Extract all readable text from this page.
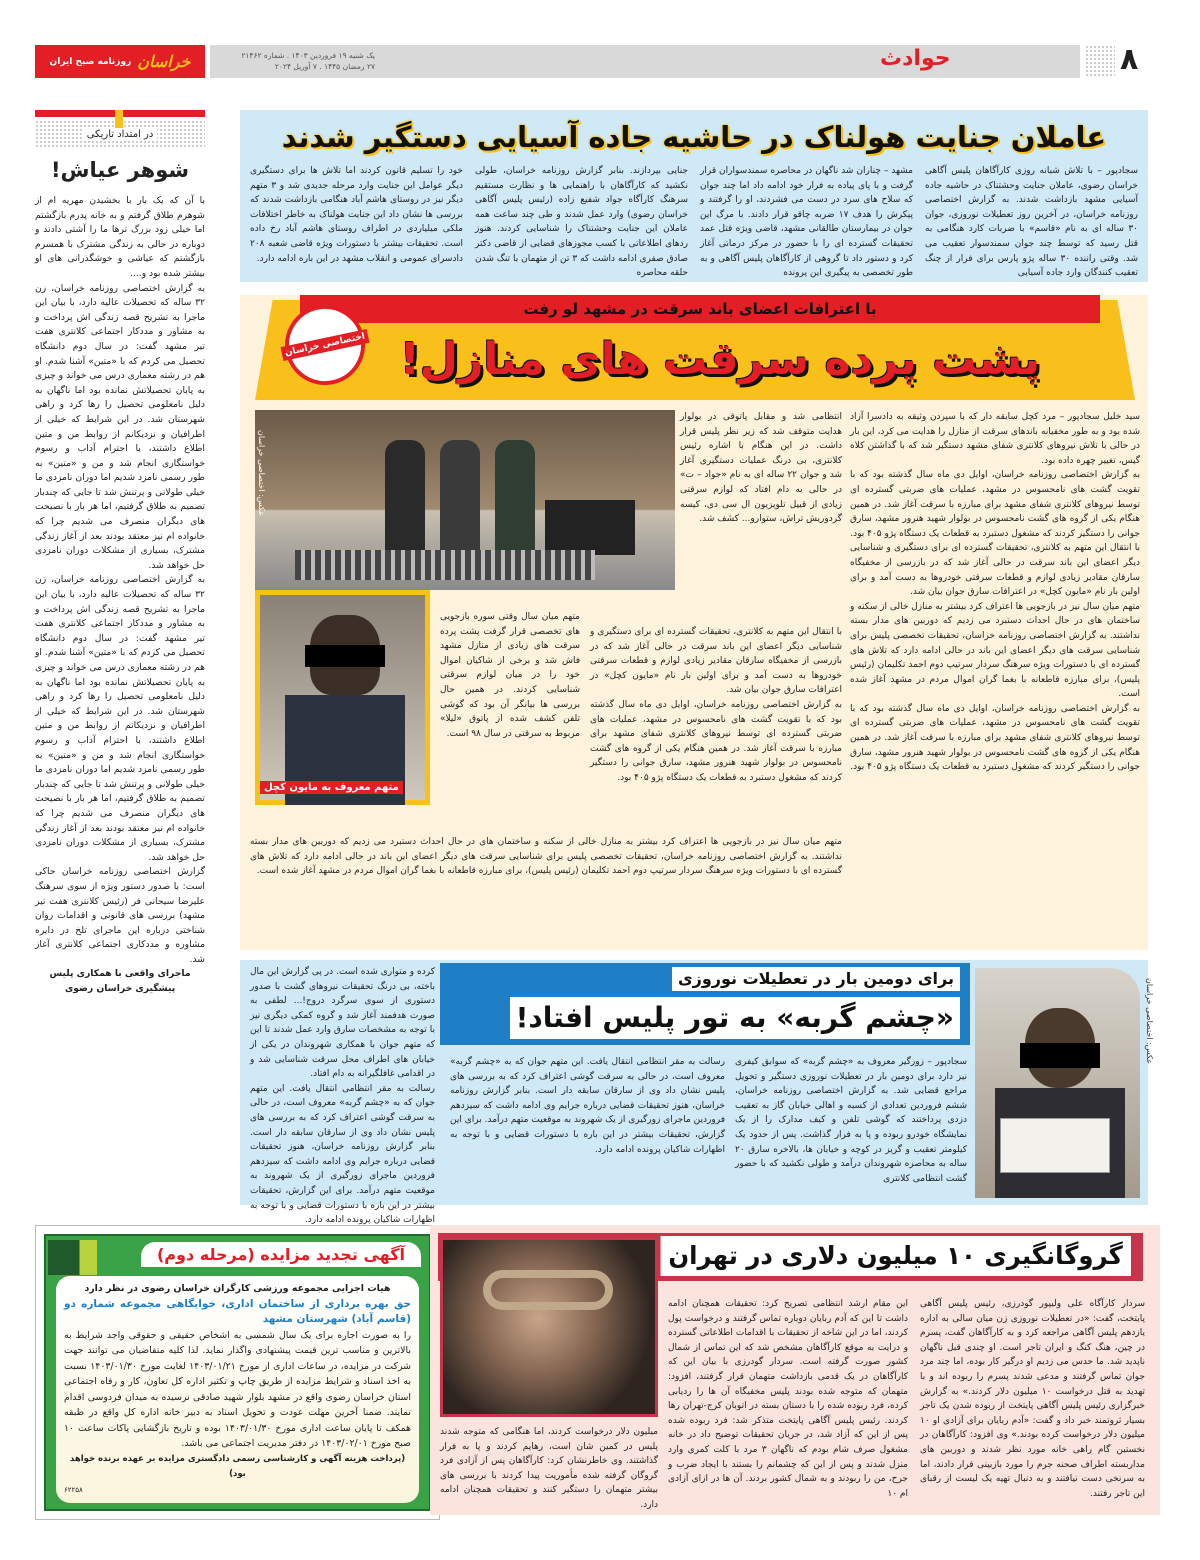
۸
حوادث
یک شنبه ۱۹ فروردین ۱۴۰۳ . شماره ۲۱۴۶۲
۲۷ رمضان ۱۴۴۵ . ۷ آوریل ۲۰۲۴
خراسان
روزنامه صبح ایران
در امتداد تاریکی
شوهر عیاش!

با آن که یک بار با بخشیدن مهریه ام از شوهرم طلاق گرفتم و به خانه پدرم بازگشتم اما خیلی زود بزرگ ترها ما را آشتی دادند و دوباره در حالی به زندگی مشترک با همسرم بازگشتم که عیاشی و خوشگذرانی های او بیشتر شده بود و....

به گزارش اختصاصی روزنامه خراسان، زن ۳۲ ساله که تحصیلات عالیه دارد، با بیان این ماجرا به تشریح قصه زندگی اش پرداخت و به مشاور و مددکار اجتماعی کلانتری هفت تیر مشهد گفت: در سال دوم دانشگاه تحصیل می کردم که با «متین» آشنا شدم. او هم در رشته معماری درس می خواند و چیزی به پایان تحصیلاتش نمانده بود اما ناگهان به دلیل نامعلومی تحصیل را رها کرد و راهی شهرستان شد. در این شرایط که خیلی از اطرافیان و نزدیکانم از روابط من و متین اطلاع داشتند، با احترام آداب و رسوم خواستگاری انجام شد و من و «متین» به طور رسمی نامزد شدیم اما دوران نامزدی ما خیلی طولانی و پرتنش شد تا جایی که چندبار تصمیم به طلاق گرفتیم، اما هر بار با نصیحت های دیگران منصرف می شدیم چرا که خانواده ام نیز معتقد بودند بعد از آغاز زندگی مشترک، بسیاری از مشکلات دوران نامزدی حل خواهد شد.

به گزارش اختصاصی روزنامه خراسان، زن ۳۲ ساله که تحصیلات عالیه دارد، با بیان این ماجرا به تشریح قصه زندگی اش پرداخت و به مشاور و مددکار اجتماعی کلانتری هفت تیر مشهد گفت: در سال دوم دانشگاه تحصیل می کردم که با «متین» آشنا شدم. او هم در رشته معماری درس می خواند و چیزی به پایان تحصیلاتش نمانده بود اما ناگهان به دلیل نامعلومی تحصیل را رها کرد و راهی شهرستان شد. در این شرایط که خیلی از اطرافیان و نزدیکانم از روابط من و متین اطلاع داشتند، با احترام آداب و رسوم خواستگاری انجام شد و من و «متین» به طور رسمی نامزد شدیم اما دوران نامزدی ما خیلی طولانی و پرتنش شد تا جایی که چندبار تصمیم به طلاق گرفتیم، اما هر بار با نصیحت های دیگران منصرف می شدیم چرا که خانواده ام نیز معتقد بودند بعد از آغاز زندگی مشترک، بسیاری از مشکلات دوران نامزدی حل خواهد شد.

گزارش اختصاصی روزنامه خراسان حاکی است: با صدور دستور ویژه از سوی سرهنگ علیرضا سیحانی فر (رئیس کلانتری هفت تیر مشهد) بررسی های قانونی و اقدامات روان شناختی درباره این ماجرای تلخ در دایره مشاوره و مددکاری اجتماعی کلانتری آغاز شد.

ماجرای واقعی با همکاری پلیس پیشگیری خراسان رضوی

عاملان جنایت هولناک در حاشیه جاده آسیایی دستگیر شدند
سجادپور – با تلاش شبانه روزی کارآگاهان پلیس آگاهی خراسان رضوی، عاملان جنایت وحشتناک در حاشیه جاده آسیایی مشهد بازداشت شدند. به گزارش اختصاصی روزنامه خراسان، در آخرین روز تعطیلات نوروزی، جوان ۳۰ ساله ای به نام «قاسم» با ضربات کارد هنگامی به قتل رسید که توسط چند جوان سمندسوار تعقیب می شد. وقتی راننده ۳۰ ساله پژو پارس برای فرار از چنگ تعقیب کنندگان وارد جاده آسیایی
مشهد – چناران شد ناگهان در محاصره سمندسواران قرار گرفت و با پای پیاده به فرار خود ادامه داد اما چند جوان که سلاح های سرد در دست می فشردند، او را گرفتند و پیکرش را هدف ۱۷ ضربه چاقو قرار دادند. با مرگ این جوان در بیمارستان طالقانی مشهد، قاضی ویژه قتل عمد تحقیقات گسترده ای را با حضور در مرکز درمانی آغاز کرد و دستور داد تا گروهی از کارآگاهان پلیس آگاهی و به طور تخصصی به پیگیری این پرونده
جنایی بپردازند. بنابر گزارش روزنامه خراسان، طولی نکشید که کارآگاهان با راهنمایی ها و نظارت مستقیم سرهنگ کارآگاه جواد شفیع زاده (رئیس پلیس آگاهی خراسان رضوی) وارد عمل شدند و طی چند ساعت همه عاملان این جنایت وحشتناک را شناسایی کردند. هنوز ردهای اطلاعاتی با کسب مجوزهای قضایی از قاضی دکتر صادق صفری ادامه داشت که ۳ تن از متهمان با تنگ شدن حلقه محاصره
خود را تسلیم قانون کردند اما تلاش ها برای دستگیری دیگر عوامل این جنایت وارد مرحله جدیدی شد و ۳ متهم دیگر نیز در روستای هاشم آباد هنگامی بازداشت شدند که بررسی ها نشان داد این جنایت هولناک به خاطر اختلافات ملکی میلیاردی در اطراف روستای هاشم آباد رخ داده است. تحقیقات بیشتر با دستورات ویژه قاضی شعبه ۲۰۸ دادسرای عمومی و انقلاب مشهد در این باره ادامه دارد.
با اعترافات اعضای باند سرقت در مشهد لو رفت
پشت پرده سرقت های منازل!
اختصاصی خراسان

سید خلیل سجادپور – مرد کچل سابقه دار که با سپردن وثیقه به دادسرا آزاد شده بود و به طور مخفیانه باندهای سرقت از منازل را هدایت می کرد، این بار در حالی با تلاش نیروهای کلانتری شفای مشهد دستگیر شد که با گذاشتن کلاه گیس، تغییر چهره داده بود.

به گزارش اختصاصی روزنامه خراسان، اوایل دی ماه سال گذشته بود که با تقویت گشت های نامحسوس در مشهد، عملیات های ضربتی گسترده ای توسط نیروهای کلانتری شفای مشهد برای مبارزه با سرقت آغاز شد. در همین هنگام یکی از گروه های گشت نامحسوس در بولوار شهید هنرور مشهد، سارق جوانی را دستگیر کردند که مشغول دستبرد به قطعات یک دستگاه پژو ۴۰۵ بود.

با انتقال این متهم به کلانتری، تحقیقات گسترده ای برای دستگیری و شناسایی دیگر اعضای این باند سرقت در حالی آغاز شد که در بازرسی از مخفیگاه سارقان مقادیر زیادی لوازم و قطعات سرقتی خودروها به دست آمد و برای اولین بار نام «مایون کچل» در اعترافات سارق جوان بیان شد.

متهم میان سال نیز در بازجویی ها اعتراف کرد بیشتر به منازل خالی از سکنه و ساختمان های در حال احداث دستبرد می زدیم که دوربین های مدار بسته نداشتند. به گزارش اختصاصی روزنامه خراسان، تحقیقات تخصصی پلیس برای شناسایی سرقت های دیگر اعضای این باند در حالی ادامه دارد که تلاش های گسترده ای با دستورات ویژه سرهنگ سردار سرتیپ دوم احمد تکلیمان (رئیس پلیس)، برای مبارزه قاطعانه با بغما گران اموال مردم در مشهد آغاز شده است.

به گزارش اختصاصی روزنامه خراسان، اوایل دی ماه سال گذشته بود که با تقویت گشت های نامحسوس در مشهد، عملیات های ضربتی گسترده ای توسط نیروهای کلانتری شفای مشهد برای مبارزه با سرقت آغاز شد. در همین هنگام یکی از گروه های گشت نامحسوس در بولوار شهید هنرور مشهد، سارق جوانی را دستگیر کردند که مشغول دستبرد به قطعات یک دستگاه پژو ۴۰۵ بود.

انتظامی شد و مقابل پاتوقی در بولوار هدایت متوقف شد که زیر نظر پلیس قرار داشت. در این هنگام با اشاره رئیس کلانتری، بی درنگ عملیات دستگیری آغاز شد و جوان ۲۲ ساله ای به نام «جواد – ت» در حالی به دام افتاد که لوازم سرقتی زیادی از قبیل تلویزیون ال سی دی، کیسه گردوریش تراش، ستوارو... کشف شد.
عکس: اختصاصی خراسان
متهم معروف به مایون کچل

با انتقال این متهم به کلانتری، تحقیقات گسترده ای برای دستگیری و شناسایی دیگر اعضای این باند سرقت در حالی آغاز شد که در بازرسی از مخفیگاه سارقان مقادیر زیادی لوازم و قطعات سرقتی خودروها به دست آمد و برای اولین بار نام «مایون کچل» در اعترافات سارق جوان بیان شد.

به گزارش اختصاصی روزنامه خراسان، اوایل دی ماه سال گذشته بود که با تقویت گشت های نامحسوس در مشهد، عملیات های ضربتی گسترده ای توسط نیروهای کلانتری شفای مشهد برای مبارزه با سرقت آغاز شد. در همین هنگام یکی از گروه های گشت نامحسوس در بولوار شهید هنرور مشهد، سارق جوانی را دستگیر کردند که مشغول دستبرد به قطعات یک دستگاه پژو ۴۰۵ بود.

متهم میان سال وقتی سوره بازجویی های تخصصی قرار گرفت پشت پرده سرقت های زیادی از منازل مشهد فاش شد و برخی از شاکیان اموال خود را در میان لوازم سرقتی شناسایی کردند. در همین حال بررسی ها بیانگر آن بود که گوشی تلفن کشف شده از پاتوق «لیلا» مربوط به سرقتی در سال ۹۸ است.
متهم میان سال نیز در بازجویی ها اعتراف کرد بیشتر به منازل خالی از سکنه و ساختمان های در حال احداث دستبرد می زدیم که دوربین های مدار بسته نداشتند. به گزارش اختصاصی روزنامه خراسان، تحقیقات تخصصی پلیس برای شناسایی سرقت های دیگر اعضای این باند در حالی ادامه دارد که تلاش های گسترده ای با دستورات ویژه سرهنگ سردار سرتیپ دوم احمد تکلیمان (رئیس پلیس)، برای مبارزه قاطعانه با بغما گران اموال مردم در مشهد آغاز شده است.
عکس: اختصاصی خراسان
برای دومین بار در تعطیلات نوروزی
«چشم گربه» به تور پلیس افتاد!
سجادپور – زورگیر معروف به «چشم گربه» که سوابق کیفری نیز دارد برای دومین بار در تعطیلات نوروزی دستگیر و تحویل مراجع قضایی شد. به گزارش اختصاصی روزنامه خراسان، ششم فروردین تعدادی از کسبه و اهالی خیابان گاز به تعقیب دزدی پرداختند که گوشی تلفن و کیف مدارک را از یک نمایشگاه خودرو ربوده و پا به فرار گذاشت. پس از حدود یک کیلومتر تعقیب و گریز در کوچه و خیابان ها، بالاخره سارق ۲۰ ساله به محاصره شهروندان درآمد و طولی نکشید که با حضور گشت انتظامی کلانتری
رسالت به مقر انتظامی انتقال یافت. این متهم جوان که به «چشم گربه» معروف است، در حالی به سرقت گوشی اعتراف کرد که به بررسی های پلیس نشان داد وی از سارقان سابقه دار است. بنابر گزارش روزنامه خراسان، هنوز تحقیقات قضایی درباره جرایم وی ادامه داشت که سیزدهم فروردین ماجرای زورگیری از یک شهروند به موقعیت متهم درآمد. برای این گزارش، تحقیقات بیشتر در این باره با دستورات قضایی و با توجه به اظهارات شاکیان پرونده ادامه دارد.

کرده و متواری شده است. در پی گزارش این مال باخته، بی درنگ تحقیقات نیروهای گشت با صدور دستوری از سوی سرگرد دروج!... لطفی به صورت هدفمند آغاز شد و گروه کمکی دیگری نیز با توجه به مشخصات سارق وارد عمل شدند تا این که متهم جوان با همکاری شهروندان در یکی از خیابان های اطراف محل سرقت شناسایی شد و در اقدامی غافلگیرانه به دام افتاد.

رسالت به مقر انتظامی انتقال یافت. این متهم جوان که به «چشم گربه» معروف است، در حالی به سرقت گوشی اعتراف کرد که به بررسی های پلیس نشان داد وی از سارقان سابقه دار است. بنابر گزارش روزنامه خراسان، هنوز تحقیقات قضایی درباره جرایم وی ادامه داشت که سیزدهم فروردین ماجرای زورگیری از یک شهروند به موقعیت متهم درآمد. برای این گزارش، تحقیقات بیشتر در این باره با دستورات قضایی و با توجه به اظهارات شاکیان پرونده ادامه دارد.

آگهی تجدید مزایده (مرحله دوم)
هیات اجرایی مجموعه ورزشی کارگران خراسان رضوی در نظر دارد
حق بهره برداری از ساختمان اداری، خوابگاهی مجموعه شماره دو (قاسم آباد) شهرستان مشهد
را به صورت اجاره برای یک سال شمسی به اشخاص حقیقی و حقوقی واجد شرایط به بالاترین و مناسب ترین قیمت پیشنهادی واگذار نماید. لذا کلیه متقاضیان می توانند جهت شرکت در مزایده، در ساعات اداری از مورخ ۱۴۰۳/۰۱/۲۱ لغایت مورخ ۱۴۰۳/۰۱/۳۰ نسبت به اخذ اسناد و شرایط مزایده از طریق چاپ و تکثیر اداره کل تعاون، کار و رفاه اجتماعی استان خراسان رضوی واقع در مشهد بلوار شهید صادقی نرسیده به میدان فردوسی اقدام نمایند. ضمنا آخرین مهلت عودت و تحویل اسناد به دبیر خانه اداره کل واقع در طبقه همکف تا پایان ساعت اداری مورخ ۱۴۰۳/۰۱/۳۰ بوده و تاریخ بازگشایی پاکات ساعت ۱۰ صبح مورخ ۱۴۰۳/۰۲/۰۱ در دفتر مدیریت اجتماعی می باشد.
(پرداخت هزینه آگهی و کارشناسی رسمی دادگستری مزایده بر عهده برنده خواهد بود)
۶۲۲۵۸
گروگانگیری ۱۰ میلیون دلاری در تهران
سردار کارآگاه علی ولیپور گودرزی، رئیس پلیس آگاهی پایتخت، گفت: «در تعطیلات نوروزی زن میان سالی به اداره یازدهم پلیس آگاهی مراجعه کرد و به کارآگاهان گفت، پسرم در چین، هنگ کنگ و ایران تاجر است. او چندی قبل ناگهان ناپدید شد. ما حدس می زدیم او درگیر کار بوده، اما چند مرد جوان تماس گرفتند و مدعی شدند پسرم را ربوده اند و با تهدید به قتل درخواست ۱۰ میلیون دلار کردند.» به گزارش خبرگزاری رئیس پلیس آگاهی پایتخت از ربوده شدن یک تاجر بسیار ثروتمند خبر داد و گفت: «آدم ربایان برای آزادی او ۱۰ میلیون دلار درخواست کرده بودند.» وی افزود: کارآگاهان در نخستین گام راهی خانه مورد نظر شدند و دوربین های مداربسته اطراف صحنه جرم را مورد بازبینی قرار دادند، اما به سرنخی دست نیافتند و به دنبال تهیه یک لیست از رقبای این تاجر رفتند.
این مقام ارشد انتظامی تصریح کرد: تحقیقات همچنان ادامه داشت تا این که آدم ربایان دوباره تماس گرفتند و درخواست پول کردند، اما در این شاخه از تحقیقات با اقدامات اطلاعاتی گسترده و درایت به موقع کارآگاهان مشخص شد که این تماس از شمال کشور صورت گرفته است. سردار گودرزی با بیان این که کارآگاهان در یک قدمی بازداشت متهمان قرار گرفتند، افزود: متهمان که متوجه شده بودند پلیس مخفیگاه آن ها را ردیابی کرده، فرد ربوده شده را با دستان بسته در اتوبان کرج-تهران رها کردند. رئیس پلیس آگاهی پایتخت متذکر شد: فرد ربوده شده پس از این که آزاد شد، در جریان تحقیقات توضیح داد در خانه مشغول صرف شام بودم که ناگهان ۳ مرد با کلت کمری وارد منزل شدند و پس از این که چشمانم را بستند با ایجاد ضرب و جرح، من را ربودند و به شمال کشور بردند. آن ها در ازای آزادی ام ۱۰
میلیون دلار درخواست کردند، اما هنگامی که متوجه شدند پلیس در کمین شان است، رهایم کردند و پا به فرار گذاشتند. وی خاطرنشان کرد: کارآگاهان پس از آزادی فرد گروگان گرفته شده مأموریت پیدا کردند با بررسی های بیشتر متهمان را دستگیر کنند و تحقیقات همچنان ادامه دارد.
